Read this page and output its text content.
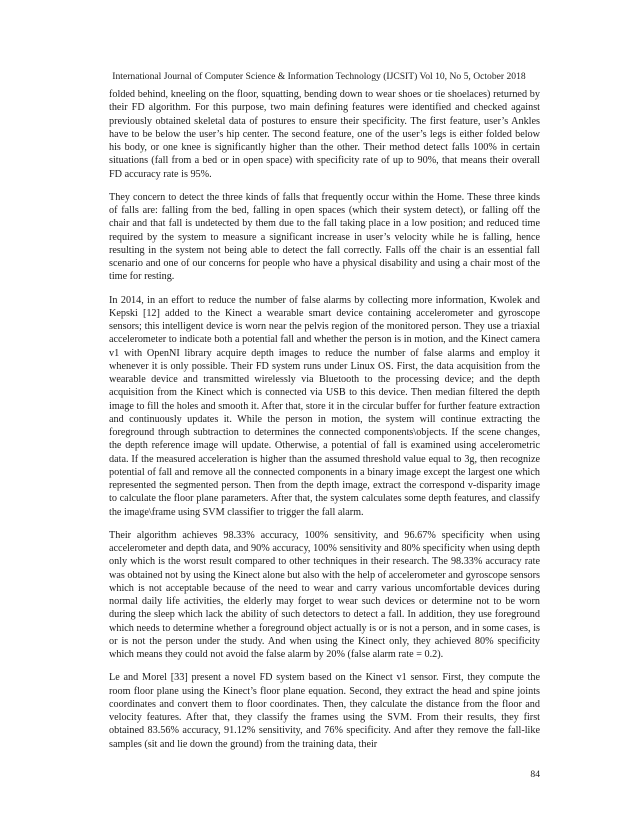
International Journal of Computer Science & Information Technology (IJCSIT) Vol 10, No 5, October 2018

folded behind, kneeling on the floor, squatting, bending down to wear shoes or tie shoelaces) returned by their FD algorithm. For this purpose, two main defining features were identified and checked against previously obtained skeletal data of postures to ensure their specificity. The first feature, user’s Ankles have to be below the user’s hip center. The second feature, one of the user’s legs is either folded below his body, or one knee is significantly higher than the other. Their method detect falls 100% in certain situations (fall from a bed or in open space) with specificity rate of up to 90%, that means their overall FD accuracy rate is 95%.

They concern to detect the three kinds of falls that frequently occur within the Home. These three kinds of falls are: falling from the bed, falling in open spaces (which their system detect), or falling off the chair and that fall is undetected by them due to the fall taking place in a low position; and reduced time required by the system to measure a significant increase in user’s velocity while he is falling, hence resulting in the system not being able to detect the fall correctly. Falls off the chair is an essential fall scenario and one of our concerns for people who have a physical disability and using a chair most of the time for resting.

In 2014, in an effort to reduce the number of false alarms by collecting more information, Kwolek and Kepski [12] added to the Kinect a wearable smart device containing accelerometer and gyroscope sensors; this intelligent device is worn near the pelvis region of the monitored person. They use a triaxial accelerometer to indicate both a potential fall and whether the person is in motion, and the Kinect camera v1 with OpenNI library acquire depth images to reduce the number of false alarms and employ it whenever it is only possible. Their FD system runs under Linux OS. First, the data acquisition from the wearable device and transmitted wirelessly via Bluetooth to the processing device; and the depth acquisition from the Kinect which is connected via USB to this device. Then median filtered the depth image to fill the holes and smooth it. After that, store it in the circular buffer for further feature extraction and continuously updates it. While the person in motion, the system will continue extracting the foreground through subtraction to determines the connected components\objects. If the scene changes, the depth reference image will update. Otherwise, a potential of fall is examined using accelerometric data. If the measured acceleration is higher than the assumed threshold value equal to 3g, then recognize potential of fall and remove all the connected components in a binary image except the largest one which represented the segmented person. Then from the depth image, extract the correspond v-disparity image to calculate the floor plane parameters. After that, the system calculates some depth features, and classify the image\frame using SVM classifier to trigger the fall alarm.

Their algorithm achieves 98.33% accuracy, 100% sensitivity, and 96.67% specificity when using accelerometer and depth data, and 90% accuracy, 100% sensitivity and 80% specificity when using depth only which is the worst result compared to other techniques in their research. The 98.33% accuracy rate was obtained not by using the Kinect alone but also with the help of accelerometer and gyroscope sensors which is not acceptable because of the need to wear and carry various uncomfortable devices during normal daily life activities, the elderly may forget to wear such devices or determine not to be worn during the sleep which lack the ability of such detectors to detect a fall. In addition, they use foreground which needs to determine whether a foreground object actually is or is not a person, and in some cases, is or is not the person under the study. And when using the Kinect only, they achieved 80% specificity which means they could not avoid the false alarm by 20% (false alarm rate = 0.2).

Le and Morel [33] present a novel FD system based on the Kinect v1 sensor. First, they compute the room floor plane using the Kinect’s floor plane equation. Second, they extract the head and spine joints coordinates and convert them to floor coordinates. Then, they calculate the distance from the floor and velocity features. After that, they classify the frames using the SVM. From their results, they first obtained 83.56% accuracy, 91.12% sensitivity, and 76% specificity. And after they remove the fall-like samples (sit and lie down the ground) from the training data, their

84
